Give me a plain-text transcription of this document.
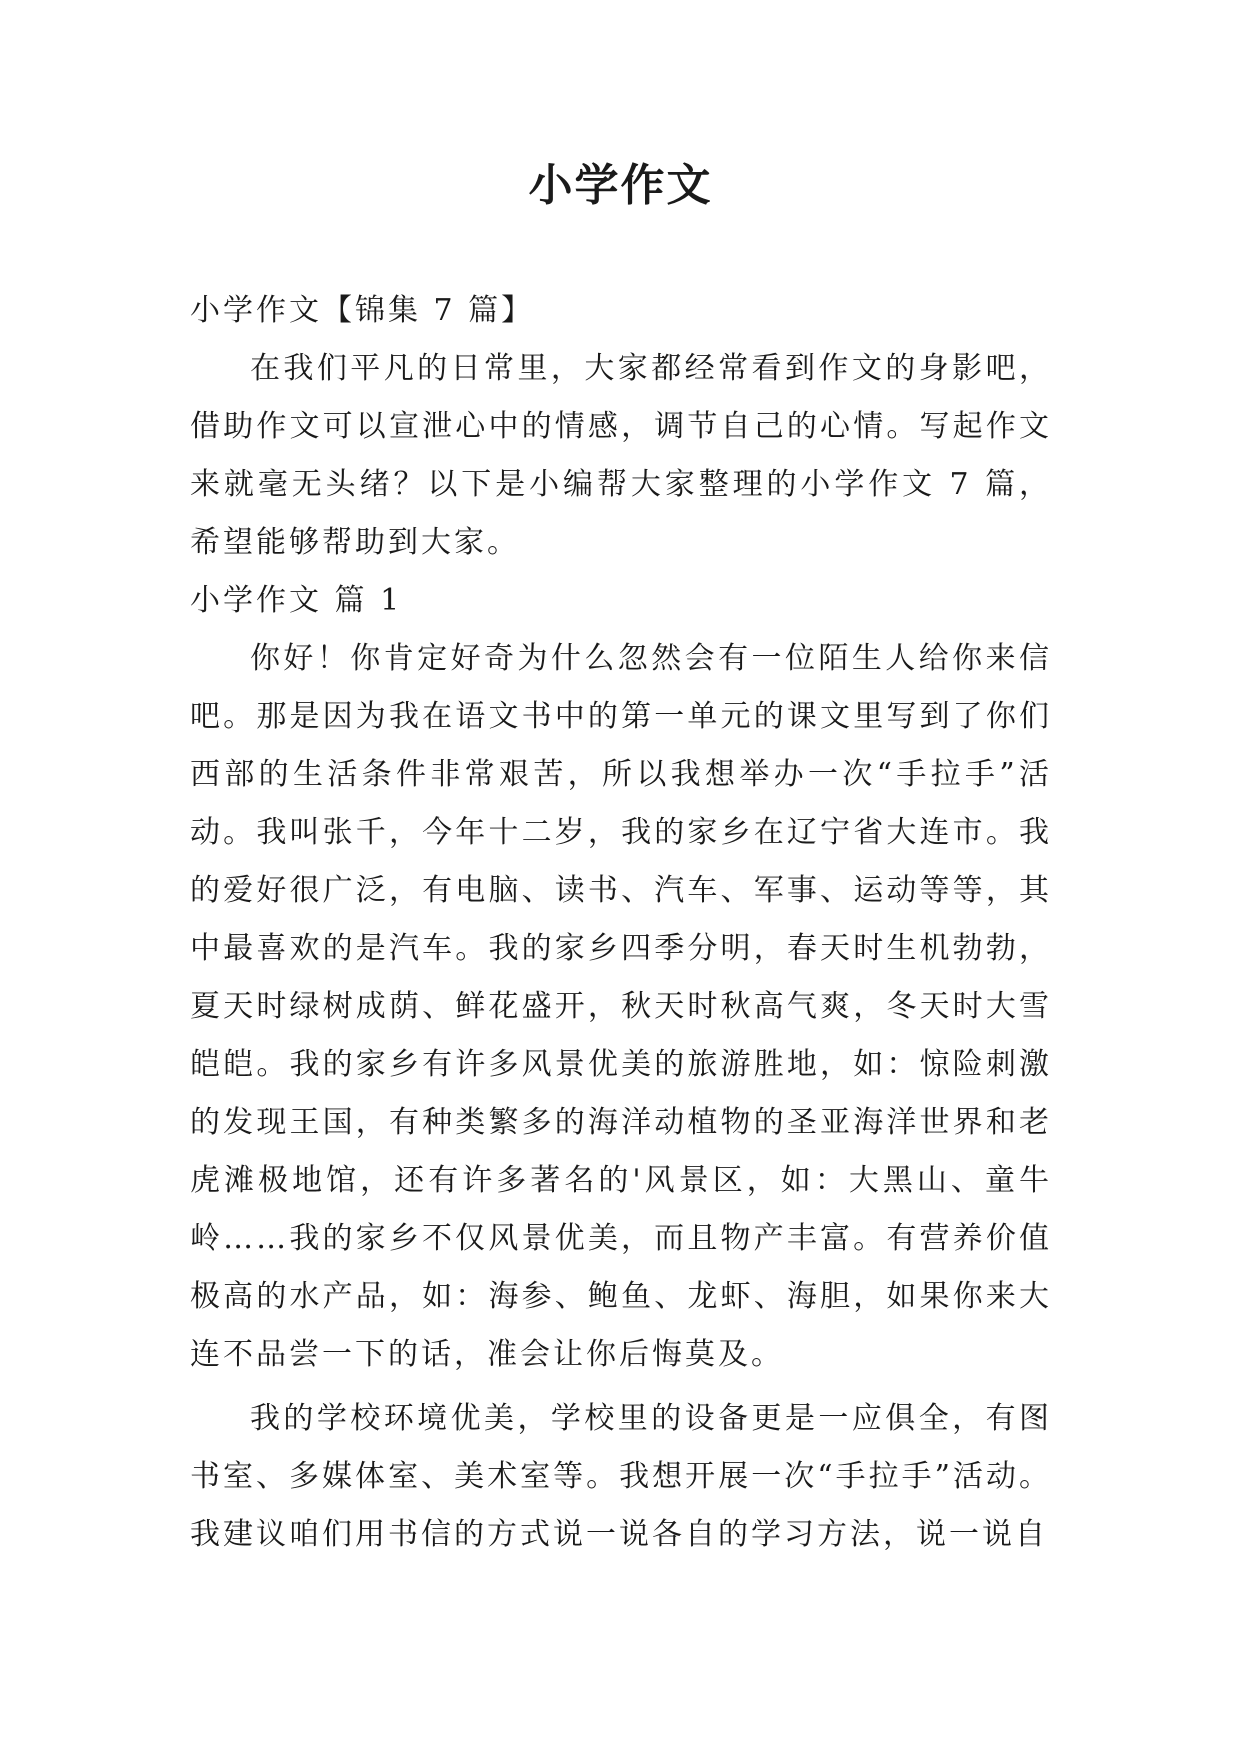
小学作文

小学作文【锦集 7 篇】

在我们平凡的日常里，大家都经常看到作文的身影吧，借助作文可以宣泄心中的情感，调节自己的心情。写起作文来就毫无头绪？以下是小编帮大家整理的小学作文 7 篇，希望能够帮助到大家。

小学作文 篇 1

你好！你肯定好奇为什么忽然会有一位陌生人给你来信吧。那是因为我在语文书中的第一单元的课文里写到了你们西部的生活条件非常艰苦，所以我想举办一次“手拉手”活动。我叫张千，今年十二岁，我的家乡在辽宁省大连市。我的爱好很广泛，有电脑、读书、汽车、军事、运动等等，其中最喜欢的是汽车。我的家乡四季分明，春天时生机勃勃，夏天时绿树成荫、鲜花盛开，秋天时秋高气爽，冬天时大雪皑皑。我的家乡有许多风景优美的旅游胜地，如：惊险刺激的发现王国，有种类繁多的海洋动植物的圣亚海洋世界和老虎滩极地馆，还有许多著名的'风景区，如：大黑山、童牛岭……我的家乡不仅风景优美，而且物产丰富。有营养价值极高的水产品，如：海参、鲍鱼、龙虾、海胆，如果你来大连不品尝一下的话，准会让你后悔莫及。

我的学校环境优美，学校里的设备更是一应俱全，有图书室、多媒体室、美术室等。我想开展一次“手拉手”活动。我建议咱们用书信的方式说一说各自的学习方法，说一说自
